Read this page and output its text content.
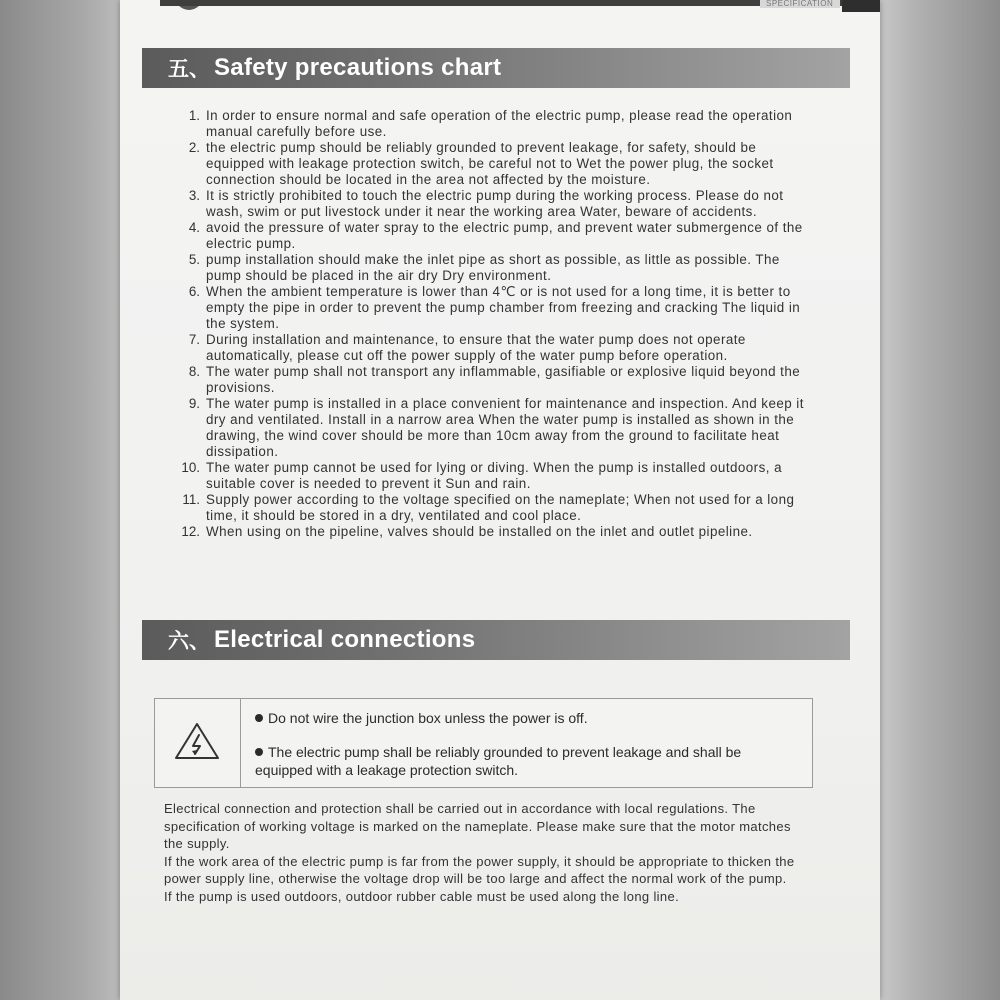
SPECIFICATION
五、 Safety precautions chart
1. In order to ensure normal and safe operation of the electric pump, please read the operation manual carefully before use.
2. the electric pump should be reliably grounded to prevent leakage, for safety, should be equipped with leakage protection switch, be careful not to Wet the power plug, the socket connection should be located in the area not affected by the moisture.
3. It is strictly prohibited to touch the electric pump during the working process. Please do not wash, swim or put livestock under it near the working area Water, beware of accidents.
4. avoid the pressure of water spray to the electric pump, and prevent water submergence of the electric pump.
5. pump installation should make the inlet pipe as short as possible, as little as possible. The pump should be placed in the air dry Dry environment.
6. When the ambient temperature is lower than 4℃ or is not used for a long time, it is better to empty the pipe in order to prevent the pump chamber from freezing and cracking The liquid in the system.
7. During installation and maintenance, to ensure that the water pump does not operate automatically, please cut off the power supply of the water pump before operation.
8. The water pump shall not transport any inflammable, gasifiable or explosive liquid beyond the provisions.
9. The water pump is installed in a place convenient for maintenance and inspection. And keep it dry and ventilated. Install in a narrow area When the water pump is installed as shown in the drawing, the wind cover should be more than 10cm away from the ground to facilitate heat dissipation.
10. The water pump cannot be used for lying or diving. When the pump is installed outdoors, a suitable cover is needed to prevent it Sun and rain.
11. Supply power according to the voltage specified on the nameplate; When not used for a long time, it should be stored in a dry, ventilated and cool place.
12. When using on the pipeline, valves should be installed on the inlet and outlet pipeline.
六、 Electrical connections
Do not wire the junction box unless the power is off.
The electric pump shall be reliably grounded to prevent leakage and shall be equipped with a leakage protection switch.

Electrical connection and protection shall be carried out in accordance with local regulations. The specification of working voltage is marked on the nameplate. Please make sure that the motor matches the supply.

If the work area of the electric pump is far from the power supply, it should be appropriate to thicken the power supply line, otherwise the voltage drop will be too large and affect the normal work of the pump.

If the pump is used outdoors, outdoor rubber cable must be used along the long line.
